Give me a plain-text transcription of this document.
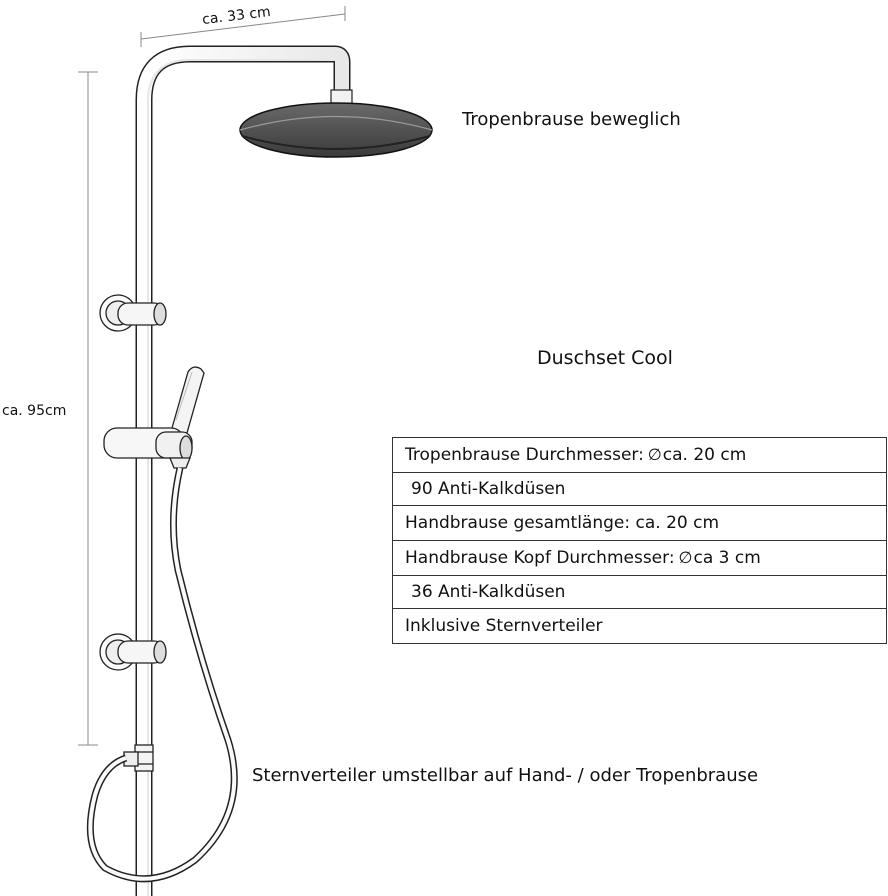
ca. 33 cm
ca. 95cm
Tropenbrause beweglich
Duschset Cool
Tropenbrause Durchmesser: ∅ca. 20 cm
90 Anti-Kalkdüsen
Handbrause gesamtlänge: ca. 20 cm
Handbrause Kopf Durchmesser: ∅ca 3 cm
36 Anti-Kalkdüsen
Inklusive Sternverteiler
Sternverteiler umstellbar auf Hand- / oder Tropenbrause
